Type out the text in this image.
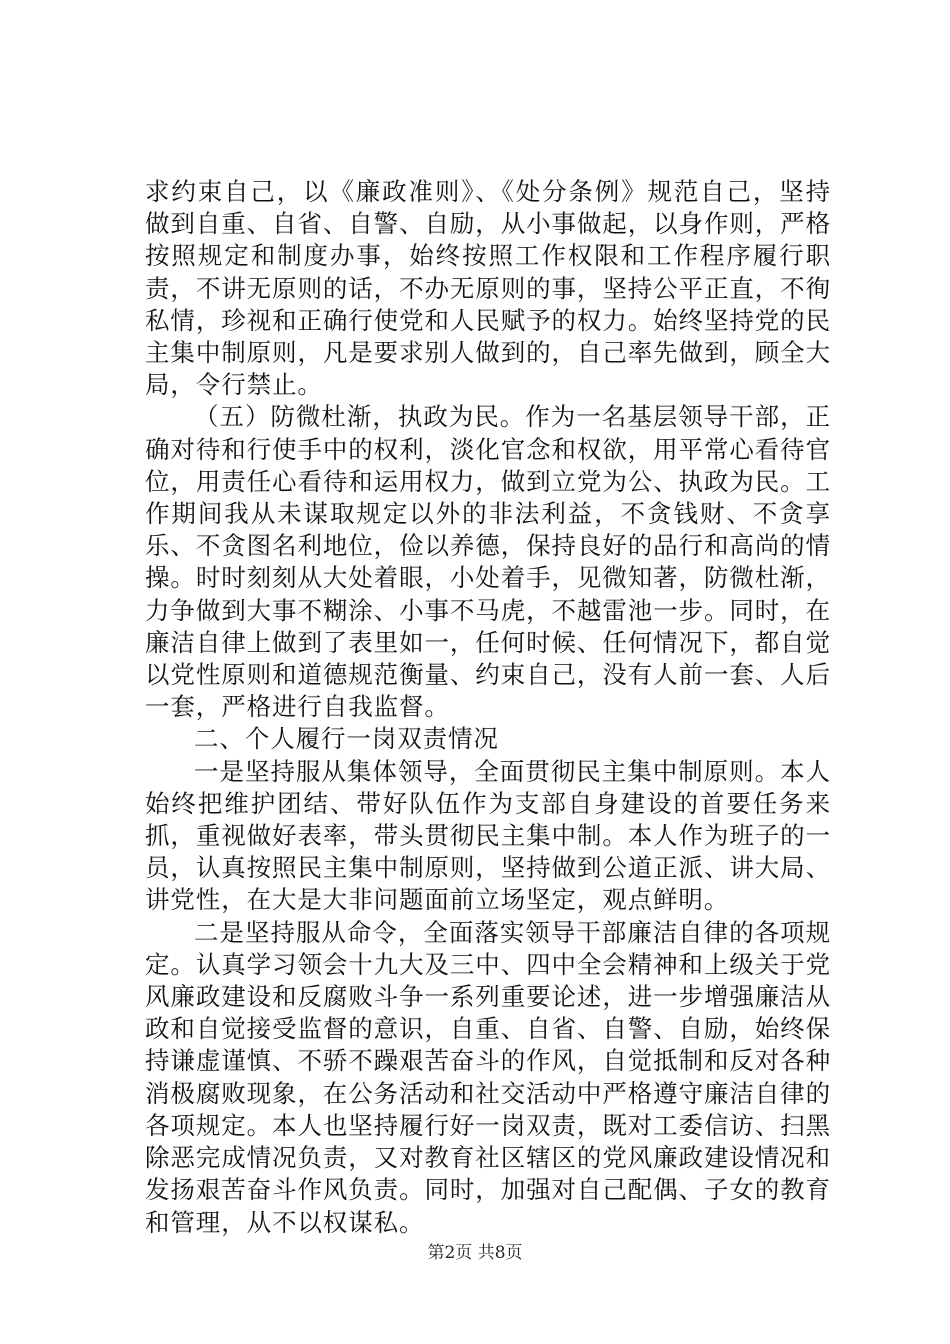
求约束自己，以《廉政准则》、《处分条例》规范自己，坚持做到自重、自省、自警、自励，从小事做起，以身作则，严格按照规定和制度办事，始终按照工作权限和工作程序履行职责，不讲无原则的话，不办无原则的事，坚持公平正直，不徇私情，珍视和正确行使党和人民赋予的权力。始终坚持党的民主集中制原则，凡是要求别人做到的，自己率先做到，顾全大局，令行禁止。

（五）防微杜渐，执政为民。作为一名基层领导干部，正确对待和行使手中的权利，淡化官念和权欲，用平常心看待官位，用责任心看待和运用权力，做到立党为公、执政为民。工作期间我从未谋取规定以外的非法利益，不贪钱财、不贪享乐、不贪图名利地位，俭以养德，保持良好的品行和高尚的情操。时时刻刻从大处着眼，小处着手，见微知著，防微杜渐，力争做到大事不糊涂、小事不马虎，不越雷池一步。同时，在廉洁自律上做到了表里如一，任何时候、任何情况下，都自觉以党性原则和道德规范衡量、约束自己，没有人前一套、人后一套，严格进行自我监督。

二、个人履行一岗双责情况

一是坚持服从集体领导，全面贯彻民主集中制原则。本人始终把维护团结、带好队伍作为支部自身建设的首要任务来抓，重视做好表率，带头贯彻民主集中制。本人作为班子的一员，认真按照民主集中制原则，坚持做到公道正派、讲大局、讲党性，在大是大非问题面前立场坚定，观点鲜明。

二是坚持服从命令，全面落实领导干部廉洁自律的各项规定。认真学习领会十九大及三中、四中全会精神和上级关于党风廉政建设和反腐败斗争一系列重要论述，进一步增强廉洁从政和自觉接受监督的意识，自重、自省、自警、自励，始终保持谦虚谨慎、不骄不躁艰苦奋斗的作风，自觉抵制和反对各种消极腐败现象，在公务活动和社交活动中严格遵守廉洁自律的各项规定。本人也坚持履行好一岗双责，既对工委信访、扫黑除恶完成情况负责，又对教育社区辖区的党风廉政建设情况和发扬艰苦奋斗作风负责。同时，加强对自己配偶、子女的教育和管理，从不以权谋私。

第2页 共8页
